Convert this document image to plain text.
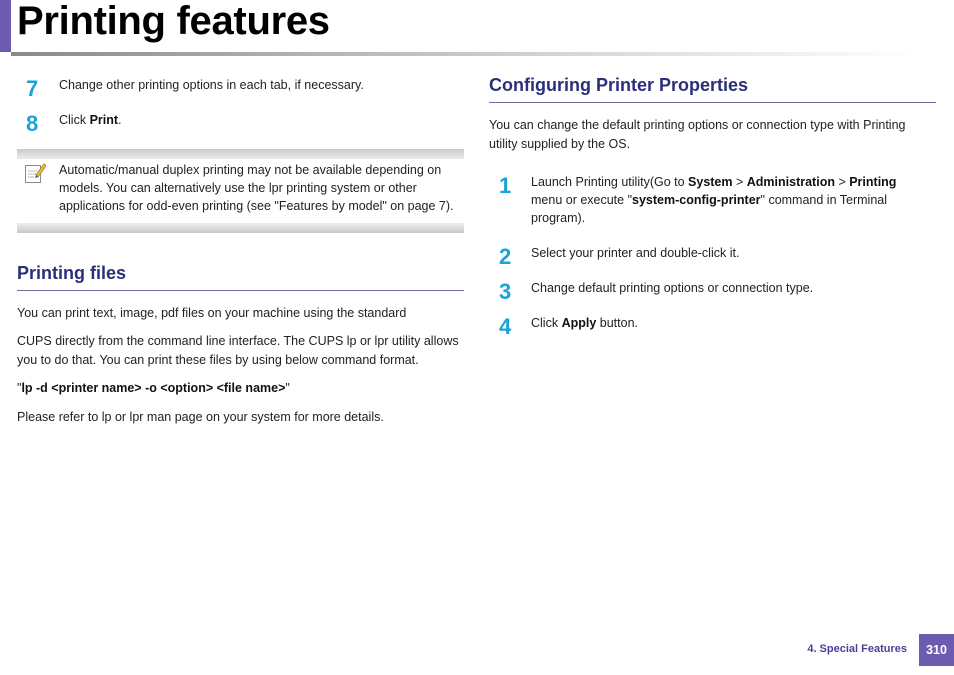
Printing features
7 Change other printing options in each tab, if necessary.
8 Click Print.
Automatic/manual duplex printing may not be available depending on
models. You can alternatively use the lpr printing system or other
applications for odd-even printing (see "Features by model" on page 7).
Printing files

You can print text, image, pdf files on your machine using the standard

CUPS directly from the command line interface. The CUPS lp or lpr utility allows
you to do that. You can print these files by using below command format.

"lp -d <printer name> -o <option> <file name>"

Please refer to lp or lpr man page on your system for more details.

Configuring Printer Properties
You can change the default printing options or connection type with Printing
utility supplied by the OS.
1 Launch Printing utility(Go to System > Administration > Printing
menu or execute "system-config-printer" command in Terminal
program).
2 Select your printer and double-click it.
3 Change default printing options or connection type.
4 Click Apply button.
4. Special Features	310
